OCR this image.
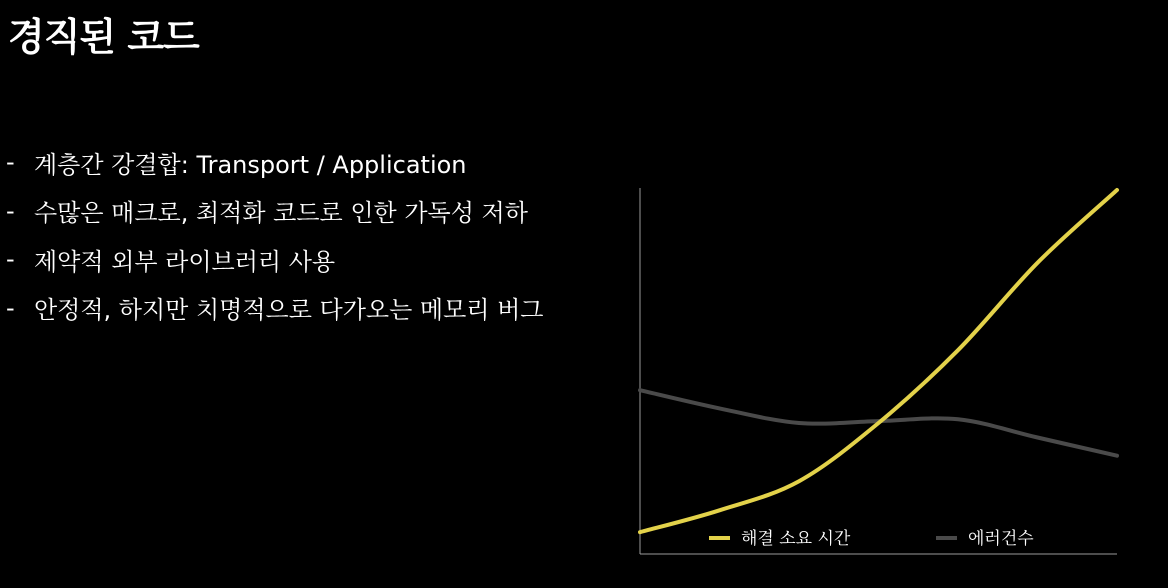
경직된 코드
- 계층간 강결합: Transport / Application
- 수많은 매크로, 최적화 코드로 인한 가독성 저하
- 제약적 외부 라이브러리 사용
- 안정적, 하지만 치명적으로 다가오는 메모리 버그
해결 소요 시간	에러건수
